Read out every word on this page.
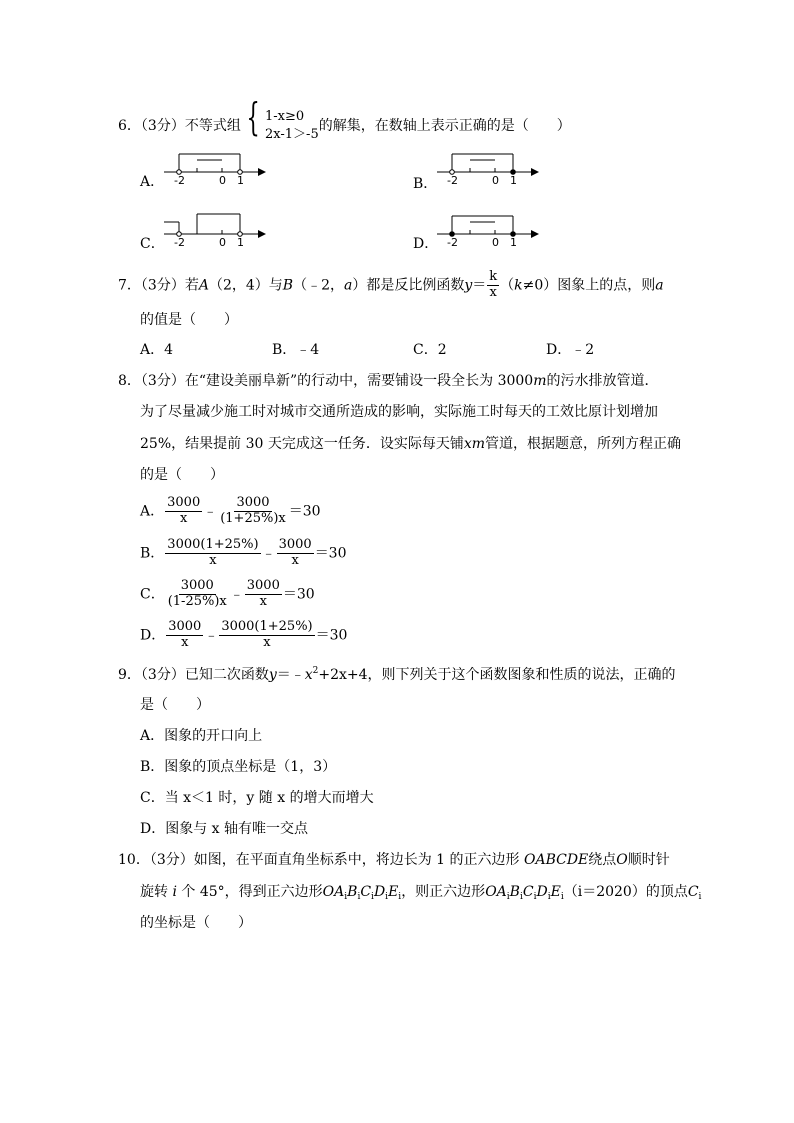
6．（3分）不等式组 { 1-x≥0
2x-1＞-5
的解集，在数轴上表示正确的是（　　）
A． -2	0 1	B． -2	0 1
C． -2	0 1	D． -2	0 1
7．（3分）若A（2，4）与B（﹣2，a）都是反比例函数$y= \frac{k}{x} (k\ne 0)$图象上的点，则a
的值是（　　）
A．4	B．﹣4	C．2	D．﹣2
8．（3分）在“建设美丽阜新”的行动中，需要铺设一段全长为 3000m的污水排放管道．
为了尽量减少施工时对城市交通所造成的影响，实际施工时每天的工效比原计划增加
25%，结果提前 30 天完成这一任务．设实际每天铺xm管道，根据题意，所列方程正确
的是（　　）
A． $\frac{3000}{x}$ ﹣ $\frac{3000}{(1+25\%)x} =30$
B． $\frac{3000(1+25\%)}{x}$ ﹣ $\frac{3000}{x} =30$
C． $\frac{3000}{(1-25\%)x}$ ﹣ $\frac{3000}{x} =30$
D． $\frac{3000}{x}$ ﹣ $\frac{3000(1+25\%)}{x} =30$
9．（3分）已知二次函数$y=﹣x^2+2x+4$，则下列关于这个函数图象和性质的说法，正确的
是（　　）
A．图象的开口向上
B．图象的顶点坐标是（1，3）
C．当 x＜1 时，y 随 x 的增大而增大
D．图象与 x 轴有唯一交点
10．（3分）如图，在平面直角坐标系中，将边长为 1 的正六边形 OABCDE绕点O顺时针
旋转 i 个 45°，得到正六边形$OA_iB_iC_iD_iE_i$，则正六边形$OA_iB_iC_iD_iE_i(i=2020)$的顶点$C_i$
的坐标是（　　）
